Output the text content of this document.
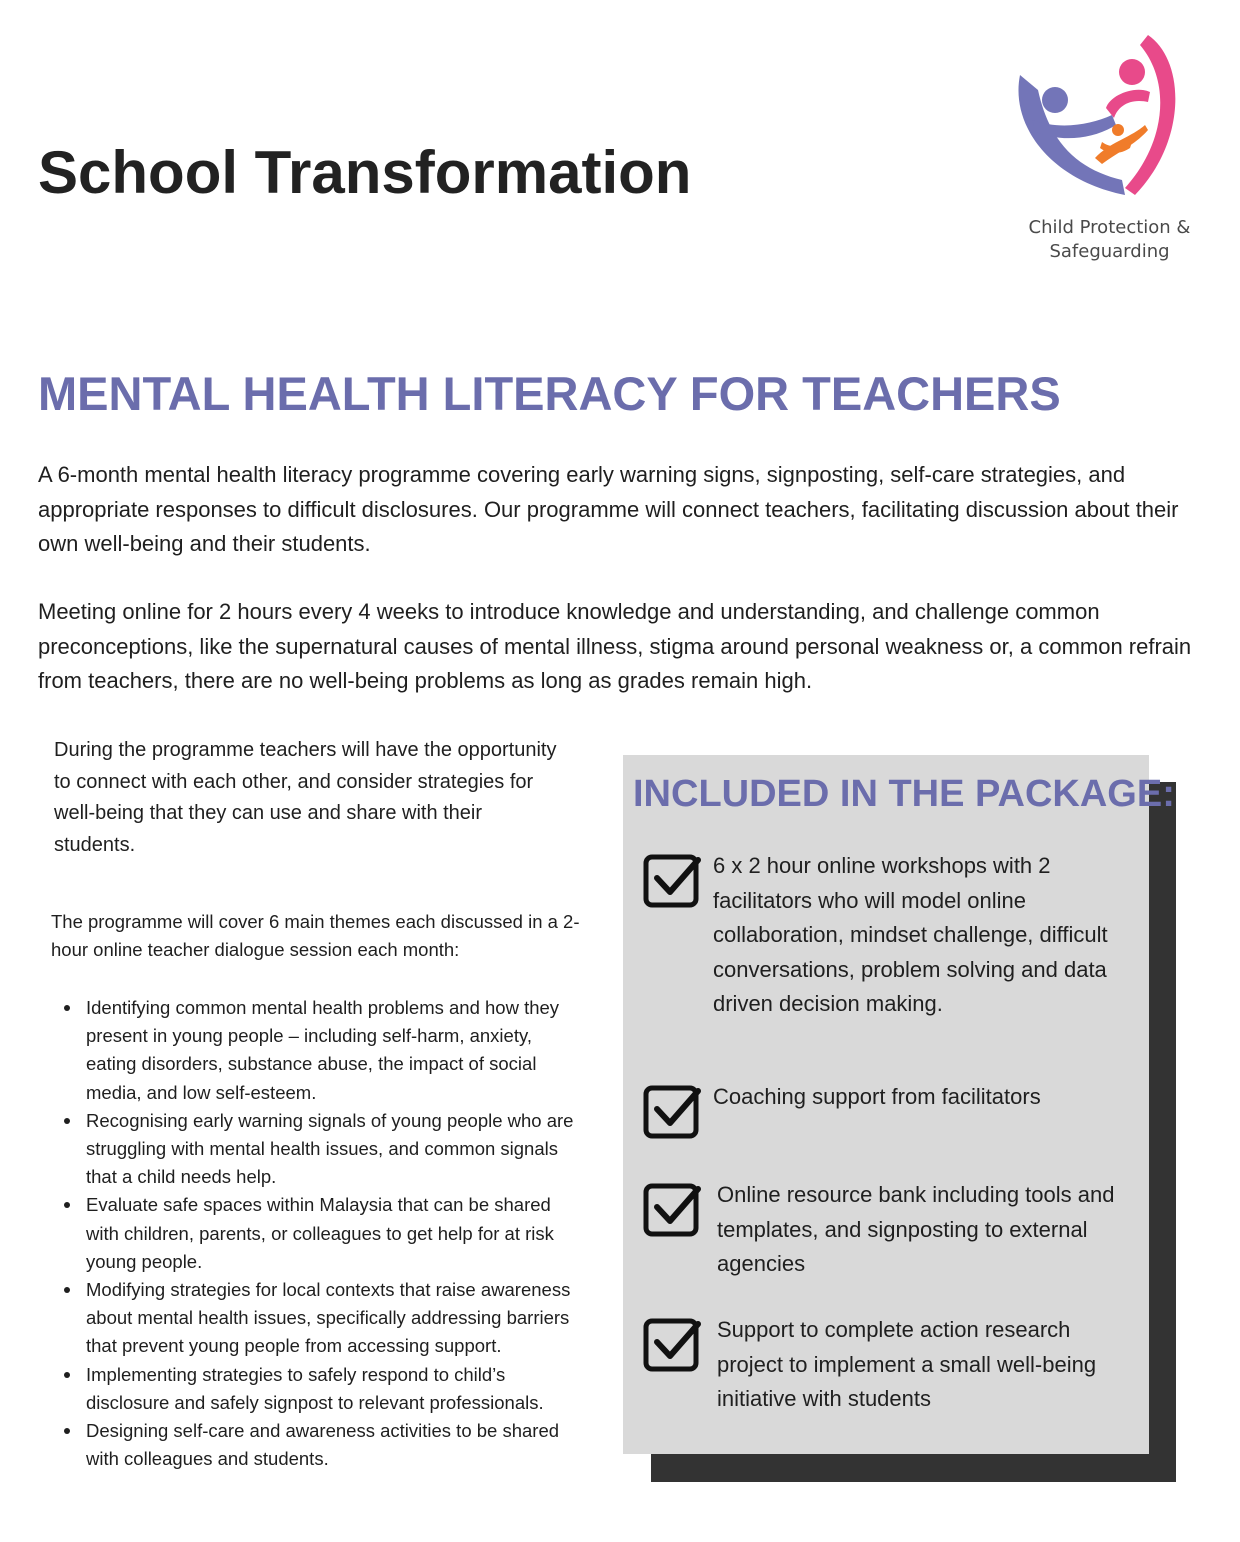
School Transformation
Child Protection &
Safeguarding
MENTAL HEALTH LITERACY FOR TEACHERS

A 6-month mental health literacy programme covering early warning signs, signposting, self-care strategies, and appropriate responses to difficult disclosures. Our programme will connect teachers, facilitating discussion about their own well-being and their students.

Meeting online for 2 hours every 4 weeks to introduce knowledge and understanding, and challenge common preconceptions, like the supernatural causes of mental illness, stigma around personal weakness or, a common refrain from teachers, there are no well-being problems as long as grades remain high.

During the programme teachers will have the opportunity to connect with each other, and consider strategies for well-being that they can use and share with their students.

The programme will cover 6 main themes each discussed in a 2-hour online teacher dialogue session each month:

Identifying common mental health problems and how they present in young people – including self-harm, anxiety, eating disorders, substance abuse, the impact of social media, and low self-esteem.
Recognising early warning signals of young people who are struggling with mental health issues, and common signals that a child needs help.
Evaluate safe spaces within Malaysia that can be shared with children, parents, or colleagues to get help for at risk young people.
Modifying strategies for local contexts that raise awareness about mental health issues, specifically addressing barriers that prevent young people from accessing support.
Implementing strategies to safely respond to child’s disclosure and safely signpost to relevant professionals.
Designing self-care and awareness activities to be shared with colleagues and students.
INCLUDED IN THE PACKAGE:

6 x 2 hour online workshops with 2 facilitators who will model online collaboration, mindset challenge, difficult conversations, problem solving and data driven decision making.

Coaching support from facilitators

Online resource bank including tools and templates, and signposting to external agencies

Support to complete action research project to implement a small well-being initiative with students
